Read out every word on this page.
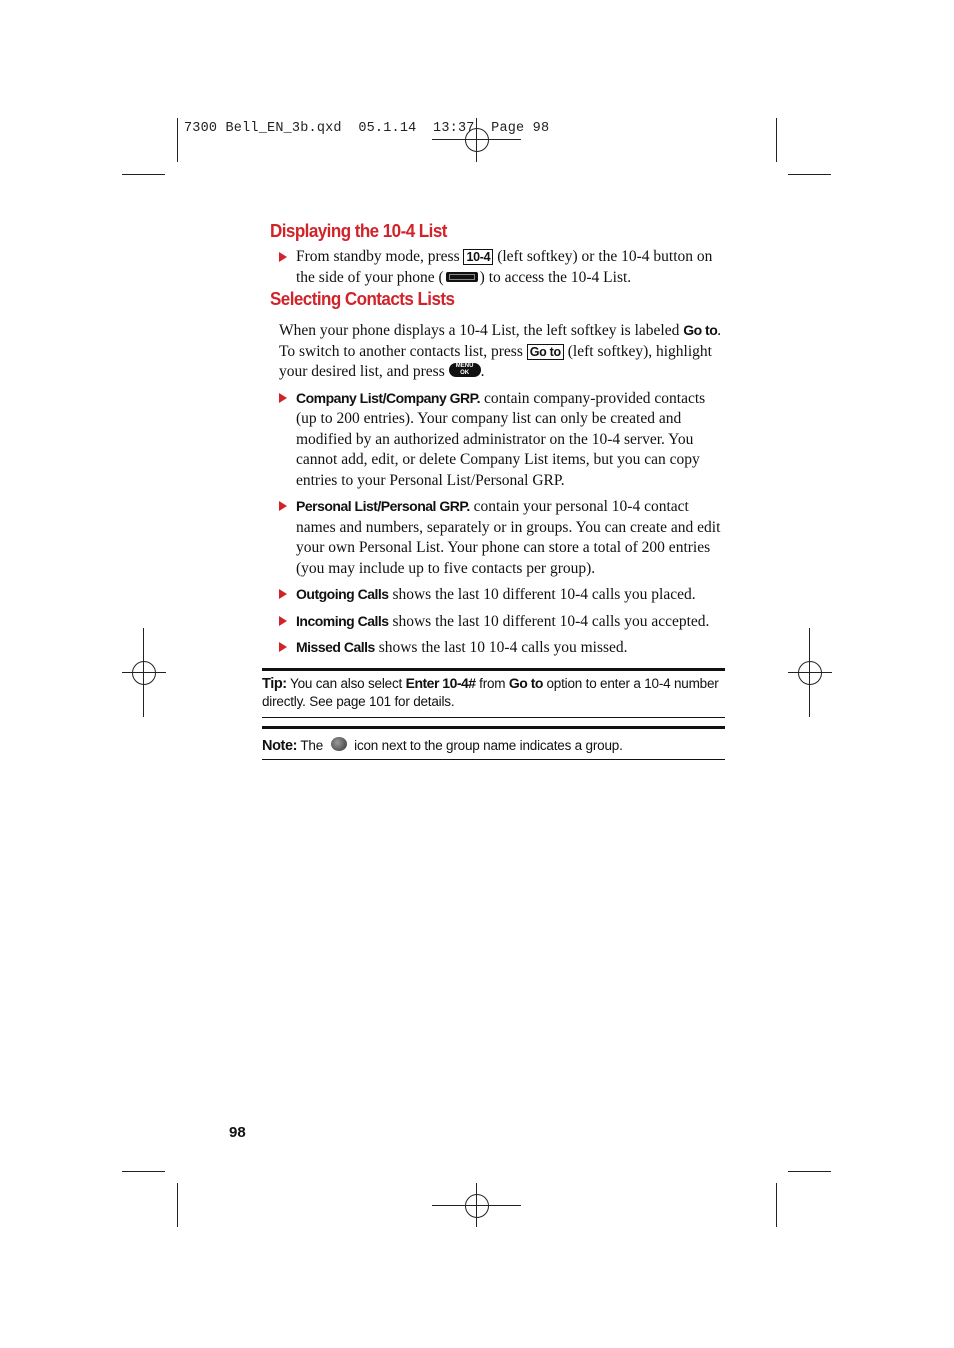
7300 Bell_EN_3b.qxd  05.1.14  13:37  Page 98
Displaying the 10-4 List
From standby mode, press 10-4 (left softkey) or the 10-4 button on the side of your phone ( ) to access the 10-4 List.
Selecting Contacts Lists

When your phone displays a 10-4 List, the left softkey is labeled Go to. To switch to another contacts list, press Go to (left softkey), highlight your desired list, and press MENU
OK .

Company List/Company GRP. contain company-provided contacts (up to 200 entries). Your company list can only be created and modified by an authorized administrator on the 10-4 server. You cannot add, edit, or delete Company List items, but you can copy entries to your Personal List/Personal GRP.
Personal List/Personal GRP. contain your personal 10-4 contact names and numbers, separately or in groups. You can create and edit your own Personal List. Your phone can store a total of 200 entries (you may include up to five contacts per group).
Outgoing Calls shows the last 10 different 10-4 calls you placed.
Incoming Calls shows the last 10 different 10-4 calls you accepted.
Missed Calls shows the last 10 10-4 calls you missed.
Tip: You can also select Enter 10-4# from Go to option to enter a 10-4 number directly. See page 101 for details.
Note: The  icon next to the group name indicates a group.
98
